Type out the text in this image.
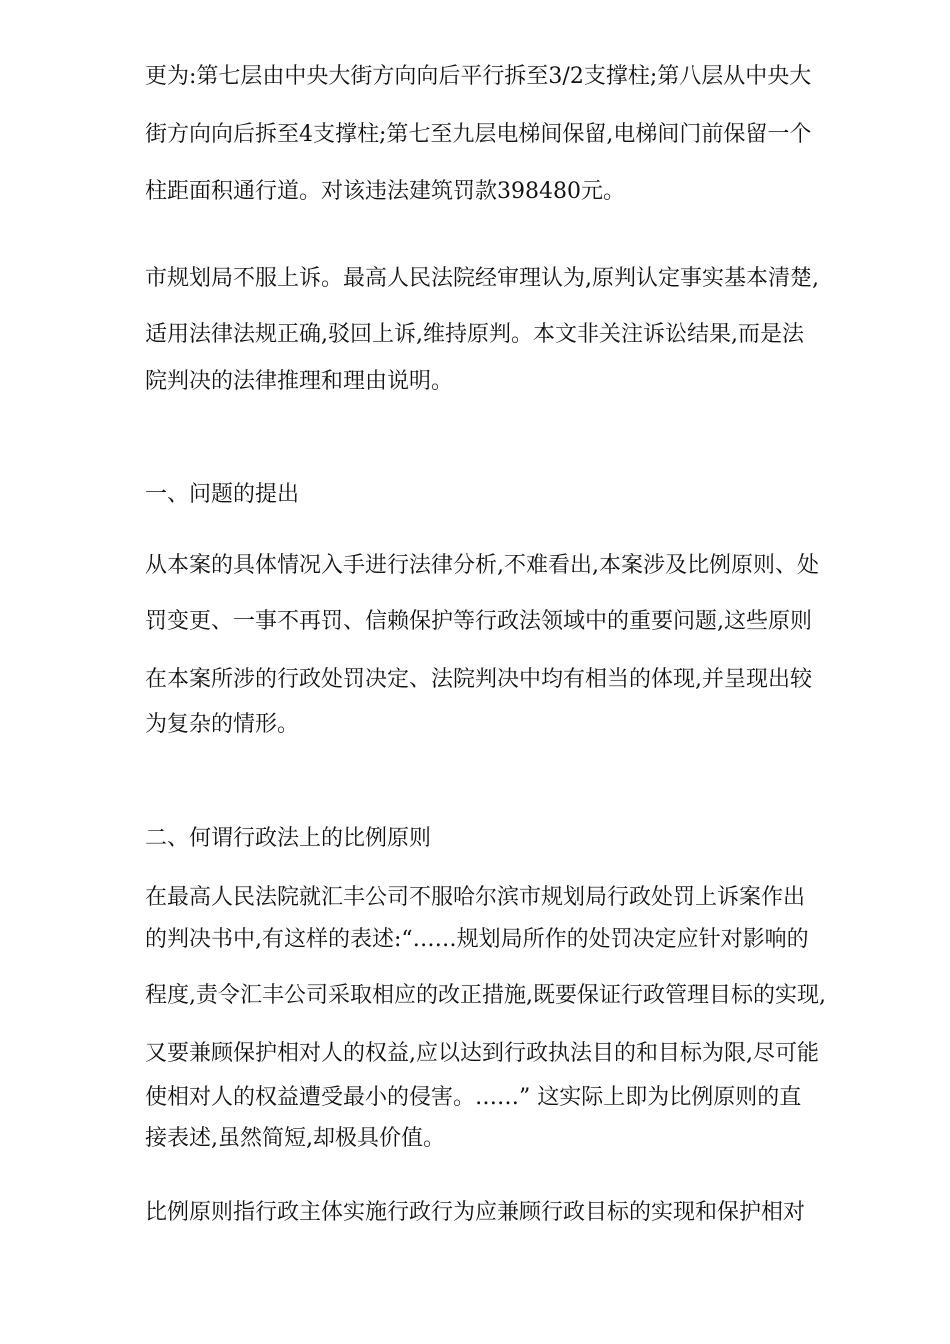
更为:第七层由中央大街方向向后平行拆至3/2支撑柱;第八层从中央大
街方向向后拆至4支撑柱;第七至九层电梯间保留,电梯间门前保留一个
柱距面积通行道。对该违法建筑罚款398480元。
市规划局不服上诉。最高人民法院经审理认为,原判认定事实基本清楚,
适用法律法规正确,驳回上诉,维持原判。本文非关注诉讼结果,而是法
院判决的法律推理和理由说明。
一、问题的提出
从本案的具体情况入手进行法律分析,不难看出,本案涉及比例原则、处
罚变更、一事不再罚、信赖保护等行政法领域中的重要问题,这些原则
在本案所涉的行政处罚决定、法院判决中均有相当的体现,并呈现出较
为复杂的情形。
二、何谓行政法上的比例原则
在最高人民法院就汇丰公司不服哈尔滨市规划局行政处罚上诉案作出
的判决书中,有这样的表述:“……规划局所作的处罚决定应针对影响的
程度,责令汇丰公司采取相应的改正措施,既要保证行政管理目标的实现,
又要兼顾保护相对人的权益,应以达到行政执法目的和目标为限,尽可能
使相对人的权益遭受最小的侵害。……” 这实际上即为比例原则的直
接表述,虽然简短,却极具价值。
比例原则指行政主体实施行政行为应兼顾行政目标的实现和保护相对
